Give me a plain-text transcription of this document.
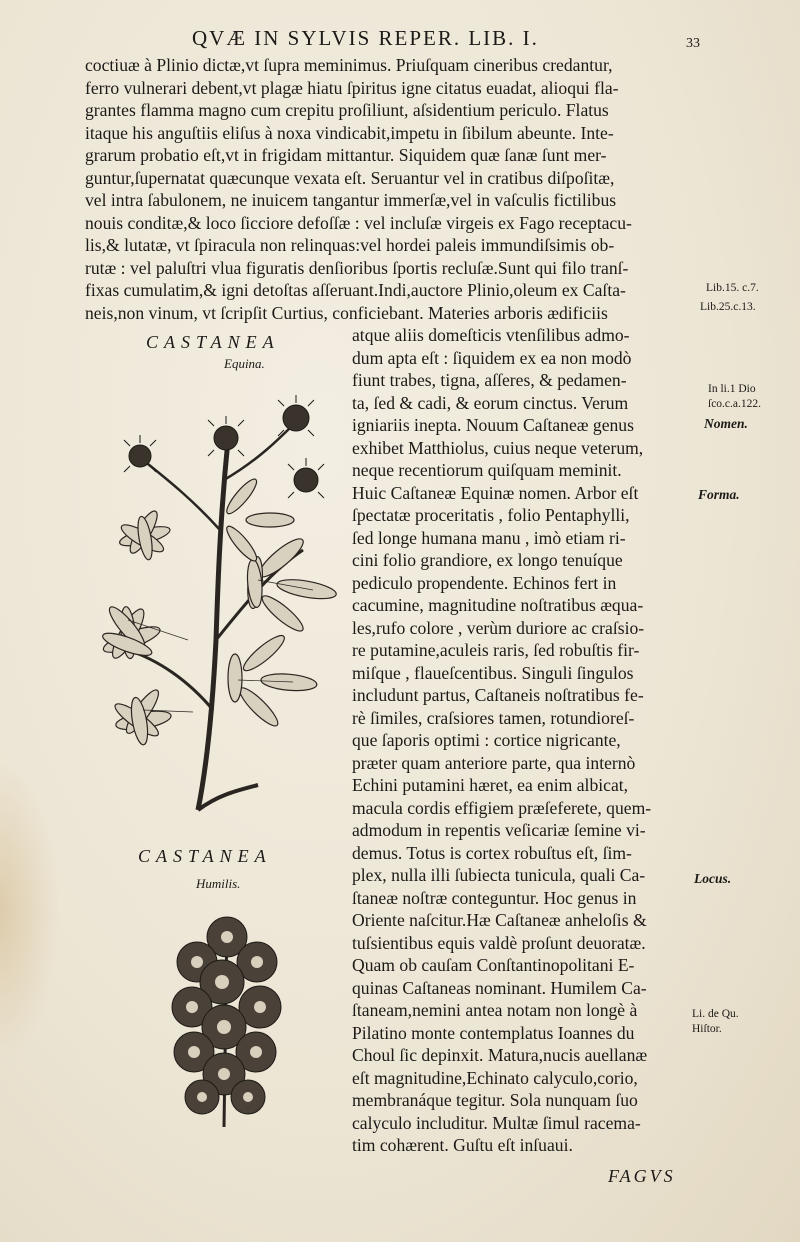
QVÆ IN SYLVIS REPER. LIB. I.	33
coctiuæ à Plinio dictæ,vt ſupra meminimus. Priuſquam cineribus credantur,
ferro vulnerari debent,vt plagæ hiatu ſpiritus igne citatus euadat, alioqui fla-
grantes flamma magno cum crepitu proſiliunt, aſsidentium periculo. Flatus
itaque his anguſtiis eliſus à noxa vindicabit,impetu in ſibilum abeunte. Inte-
grarum probatio eſt,vt in frigidam mittantur. Siquidem quæ ſanæ ſunt mer-
guntur,ſupernatat quæcunque vexata eſt. Seruantur vel in cratibus diſpoſitæ,
vel intra ſabulonem, ne inuicem tangantur immerſæ,vel in vaſculis fictilibus
nouis conditæ,& loco ſicciore defoſſæ : vel incluſæ virgeis ex Fago receptacu-
lis,& lutatæ, vt ſpiracula non relinquas:vel hordei paleis immundiſsimis ob-
rutæ : vel paluſtri vlua figuratis denſioribus ſportis recluſæ.Sunt qui filo tranſ-
fixas cumulatim,& igni detoſtas aſſeruant.Indi,auctore Plinio,oleum ex Caſta-
neis,non vinum, vt ſcripſit Curtius, conficiebant. Materies arboris ædificiis
atque aliis domeſticis vtenſilibus admo-
dum apta eſt : ſiquidem ex ea non modò
fiunt trabes, tigna, aſſeres, & pedamen-
ta, ſed & cadi, & eorum cinctus. Verum
igniariis inepta. Nouum Caſtaneæ genus
exhibet Matthiolus, cuius neque veterum,
neque recentiorum quiſquam meminit.
Huic Caſtaneæ Equinæ nomen. Arbor eſt
ſpectatæ proceritatis , folio Pentaphylli,
ſed longe humana manu , imò etiam ri-
cini folio grandiore, ex longo tenuíque
pediculo propendente. Echinos fert in
cacumine, magnitudine noſtratibus æqua-
les,rufo colore , verùm duriore ac craſsio-
re putamine,aculeis raris, ſed robuſtis fir-
miſque , flaueſcentibus. Singuli ſingulos
includunt partus, Caſtaneis noſtratibus fe-
rè ſimiles, craſsiores tamen, rotundioreſ-
que ſaporis optimi : cortice nigricante,
præter quam anteriore parte, qua internò
Echini putamini hæret, ea enim albicat,
macula cordis effigiem præſeferete, quem-
admodum in repentis veſicariæ ſemine vi-
demus. Totus is cortex robuſtus eſt, ſim-
plex, nulla illi ſubiecta tunicula, quali Ca-
ſtaneæ noſtræ conteguntur. Hoc genus in
Oriente naſcitur.Hæ Caſtaneæ anheloſis &
tuſsientibus equis valdè proſunt deuoratæ.
Quam ob cauſam Conſtantinopolitani E-
quinas Caſtaneas nominant. Humilem Ca-
ſtaneam,nemini antea notam non longè à
Pilatino monte contemplatus Ioannes du
Choul ſic depinxit. Matura,nucis auellanæ
eſt magnitudine,Echinato calyculo,corio,
membranáque tegitur. Sola nunquam ſuo
calyculo includitur. Multæ ſimul racema-
tim cohærent. Guſtu eſt inſuaui.
Lib.15. c.7.
Lib.25.c.13.
In li.1 Dio
ſco.c.a.122.
Nomen.
Forma.
Locus.
Li. de Qu.
Hiſtor.
CASTANEA
Equina.
CASTANEA
Humilis.
FAGVS
